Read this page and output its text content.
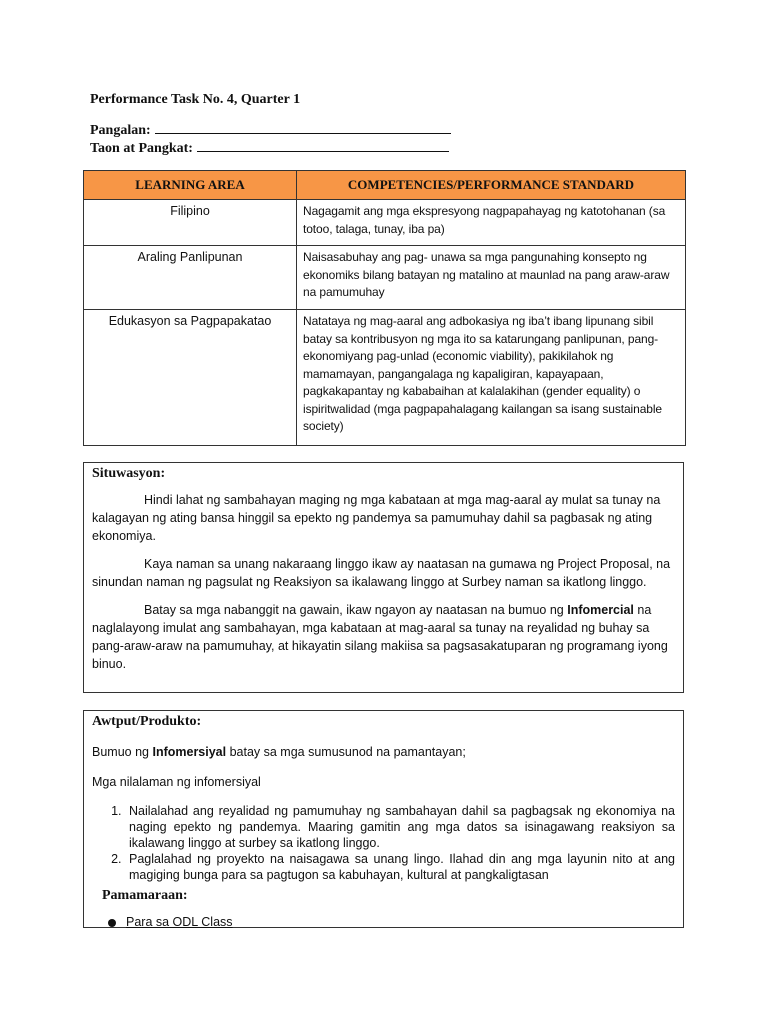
Performance Task No. 4, Quarter 1
Pangalan:
Taon at Pangkat:
LEARNING AREA	COMPETENCIES/PERFORMANCE STANDARD
Filipino	Nagagamit ang mga ekspresyong nagpapahayag ng katotohanan (sa totoo, talaga, tunay, iba pa)
Araling Panlipunan	Naisasabuhay ang pag- unawa sa mga pangunahing konsepto ng ekonomiks bilang batayan ng matalino at maunlad na pang araw-araw na pamumuhay
Edukasyon sa Pagpapakatao	Natataya ng mag-aaral ang adbokasiya ng iba’t ibang lipunang sibil batay sa kontribusyon ng mga ito sa katarungang panlipunan, pang-ekonomiyang pag-unlad (economic viability), pakikilahok ng mamamayan, pangangalaga ng kapaligiran, kapayapaan, pagkakapantay ng kababaihan at kalalakihan (gender equality) o ispiritwalidad (mga pagpapahalagang kailangan sa isang sustainable society)
Situwasyon:

Hindi lahat ng sambahayan maging ng mga kabataan at mga mag-aaral ay mulat sa tunay na kalagayan ng ating bansa hinggil sa epekto ng pandemya sa pamumuhay dahil sa pagbasak ng ating ekonomiya.

Kaya naman sa unang nakaraang linggo ikaw ay naatasan na gumawa ng Project Proposal, na sinundan naman ng pagsulat ng Reaksiyon sa ikalawang linggo at Surbey naman sa ikatlong linggo.

Batay sa mga nabanggit na gawain, ikaw ngayon ay naatasan na bumuo ng Infomercial na naglalayong imulat ang sambahayan, mga kabataan at mag-aaral sa tunay na reyalidad ng buhay sa pang-araw-araw na pamumuhay, at hikayatin silang makiisa sa pagsasakatuparan ng programang iyong binuo.

Awtput/Produkto:
Bumuo ng Infomersiyal batay sa mga sumusunod na pamantayan;
Mga nilalaman ng infomersiyal
1. Nailalahad ang reyalidad ng pamumuhay ng sambahayan dahil sa pagbagsak ng ekonomiya na naging epekto ng pandemya. Maaring gamitin ang mga datos sa isinagawang reaksiyon sa ikalawang linggo at surbey sa ikatlong linggo.
2. Paglalahad ng proyekto na naisagawa sa unang lingo. Ilahad din ang mga layunin nito at ang magiging bunga para sa pagtugon sa kabuhayan, kultural at pangkaligtasan
Pamamaraan:
Para sa ODL Class
